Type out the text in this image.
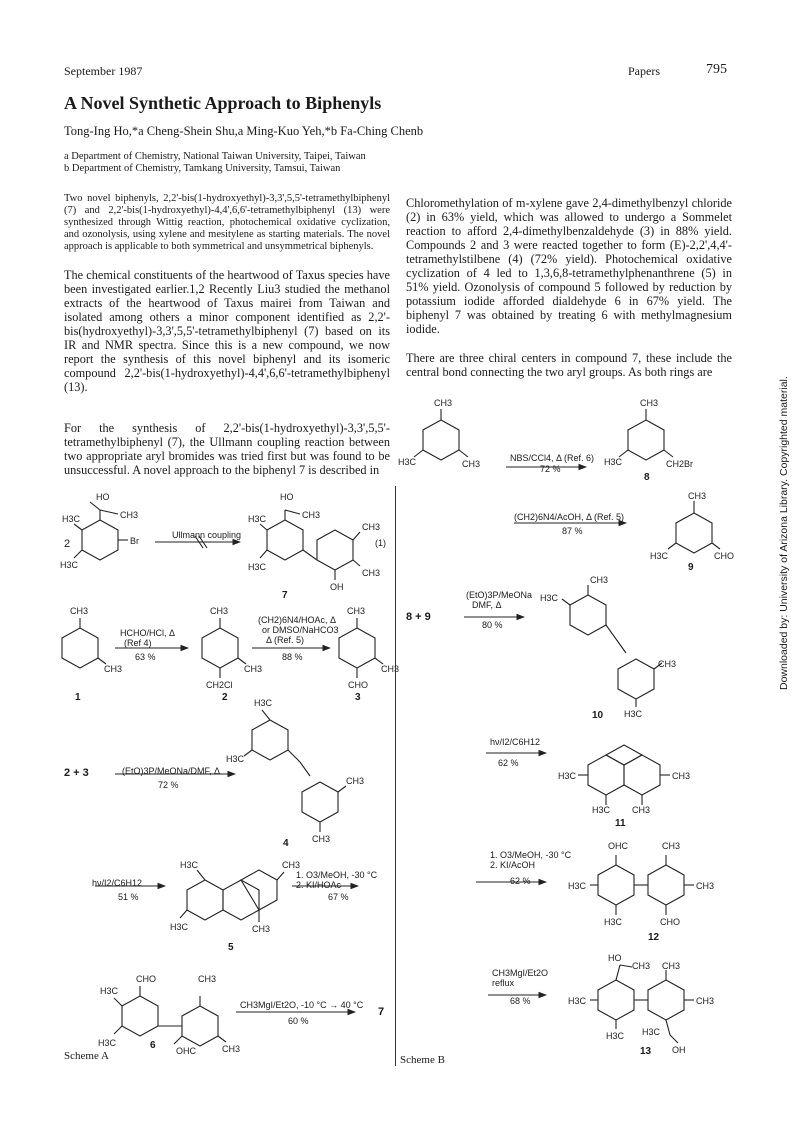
September 1987	Papers	795
A Novel Synthetic Approach to Biphenyls
Tong-Ing Ho,*a Cheng-Shein Shu,a Ming-Kuo Yeh,*b Fa-Ching Chenb
a Department of Chemistry, National Taiwan University, Taipei, Taiwan
b Department of Chemistry, Tamkang University, Tamsui, Taiwan
Two novel biphenyls, 2,2'-bis(1-hydroxyethyl)-3,3',5,5'-tetramethylbiphenyl (7) and 2,2'-bis(1-hydroxyethyl)-4,4',6,6'-tetramethylbiphenyl (13) were synthesized through Wittig reaction, photochemical oxidative cyclization, and ozonolysis, using xylene and mesitylene as starting materials. The novel approach is applicable to both symmetrical and unsymmetrical biphenyls.

The chemical constituents of the heartwood of Taxus species have been investigated earlier.1,2 Recently Liu3 studied the methanol extracts of the heartwood of Taxus mairei from Taiwan and isolated among others a minor component identified as 2,2'-bis(hydroxyethyl)-3,3',5,5'-tetramethylbiphenyl (7) based on its IR and NMR spectra. Since this is a new compound, we now report the synthesis of this novel biphenyl and its isomeric compound 2,2'-bis(1-hydroxyethyl)-4,4',6,6'-tetramethylbiphenyl (13).

For the synthesis of 2,2'-bis(1-hydroxyethyl)-3,3',5,5'-tetramethylbiphenyl (7), the Ullmann coupling reaction between two appropriate aryl bromides was tried first but was found to be unsuccessful. A novel approach to the biphenyl 7 is described in

Chloromethylation of m-xylene gave 2,4-dimethylbenzyl chloride (2) in 63% yield, which was allowed to undergo a Sommelet reaction to afford 2,4-dimethylbenzaldehyde (3) in 88% yield. Compounds 2 and 3 were reacted together to form (E)-2,2',4,4'-tetramethylstilbene (4) (72% yield). Photochemical oxidative cyclization of 4 led to 1,3,6,8-tetramethylphenanthrene (5) in 51% yield. Ozonolysis of compound 5 followed by reduction by potassium iodide afforded dialdehyde 6 in 67% yield. The biphenyl 7 was obtained by treating 6 with methylmagnesium iodide.

There are three chiral centers in compound 7, these include the central bond connecting the two aryl groups. As both rings are

Downloaded by: University of Arizona Library. Copyrighted material.
HO
CH3
H3C
Br
H3C
HO
CH3
H3C
CH3
H3C
CH3
OH
CH3
CH3
CH3
CH3
CH2Cl
CH3
CH3
CHO
H3C
H3C
CH3
CH3
H3C	CH3
H3C	CH3
H3C
CHO	CH3
H3C
OHC	CH3
2
Ullmann coupling
(1)
7
HCHO/HCl, Δ
(Ref 4)
63 %
(CH2)6N4/HOAc, Δ
or DMSO/NaHCO3
Δ (Ref. 5)
88 %
1	2	3
2 + 3	(EtO)3P/MeONa/DMF, Δ
72 %
4
hν/I2/C6H12
51 %
1. O3/MeOH, -30 °C
2. KI/HOAc
67 %
5
CH3MgI/Et2O, -10 °C → 40 °C
60 %
7
6
Scheme A
CH3
H3C	CH3
CH3
H3C	CH2Br
CH3
H3C	CHO
CH3
H3C
CH3
H3C
H3C	CH3
H3C CH3
OHC	CH3
H3C	CH3
H3C	CHO
HO
CH3 CH3
H3C	CH3
H3C H3C
OH
NBS/CCl4, Δ (Ref. 6)
72 %
8
(CH2)6N4/AcOH, Δ (Ref. 5)
87 %
9
8 + 9
(EtO)3P/MeONa
DMF, Δ
80 %
10
hν/I2/C6H12
62 %
11
1. O3/MeOH, -30 °C
2. KI/AcOH
62 %
12
CH3MgI/Et2O
reflux
68 %
13
Scheme B
